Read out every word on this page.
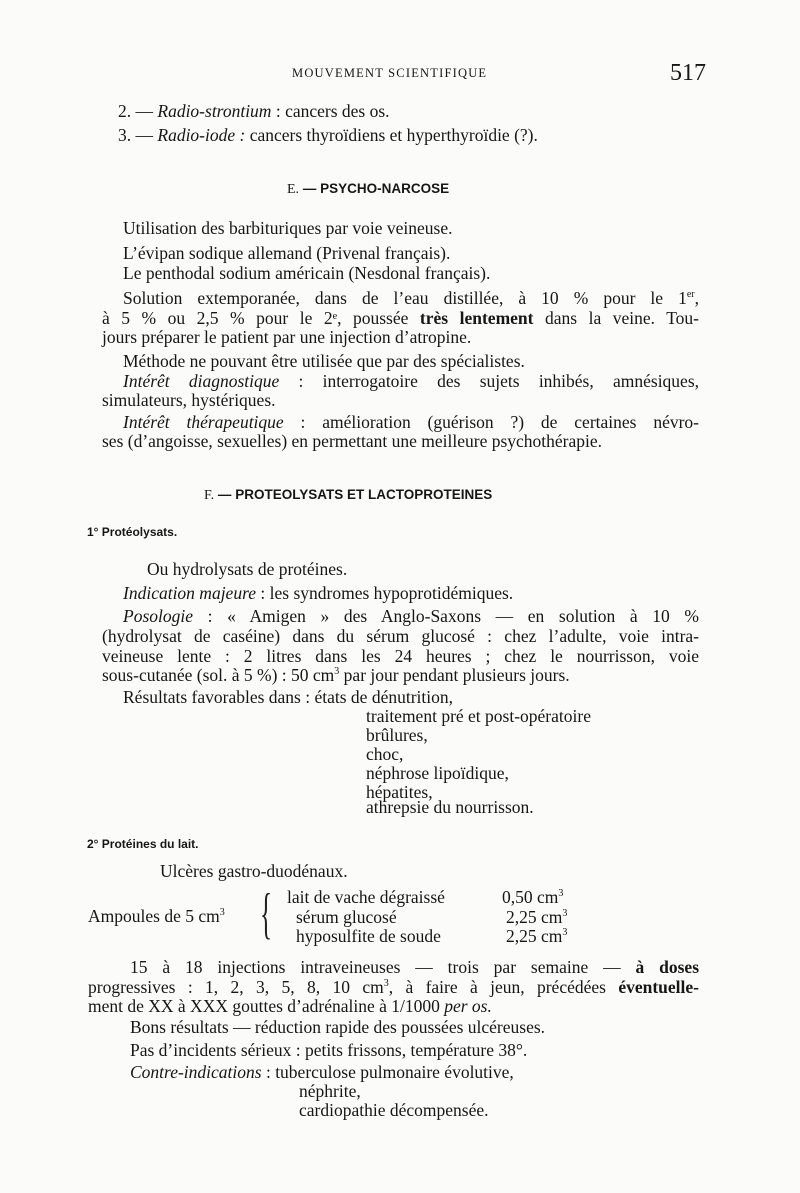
MOUVEMENT SCIENTIFIQUE	517
2. — Radio-strontium : cancers des os.
3. — Radio-iode : cancers thyroïdiens et hyperthyroïdie (?).
E. — PSYCHO-NARCOSE
Utilisation des barbituriques par voie veineuse.
L’évipan sodique allemand (Privenal français).
Le penthodal sodium américain (Nesdonal français).
Solution extemporanée, dans de l’eau distillée, à 10 % pour le 1er,
à 5 % ou 2,5 % pour le 2ᵉ, poussée très lentement dans la veine. Tou-
jours préparer le patient par une injection d’atropine.
Méthode ne pouvant être utilisée que par des spécialistes.
Intérêt diagnostique : interrogatoire des sujets inhibés, amnésiques,
simulateurs, hystériques.
Intérêt thérapeutique : amélioration (guérison ?) de certaines névro-
ses (d’angoisse, sexuelles) en permettant une meilleure psychothérapie.
F. — PROTEOLYSATS ET LACTOPROTEINES
1° Protéolysats.
Ou hydrolysats de protéines.
Indication majeure : les syndromes hypoprotidémiques.
Posologie : « Amigen » des Anglo-Saxons — en solution à 10 %
(hydrolysat de caséine) dans du sérum glucosé : chez l’adulte, voie intra-
veineuse lente : 2 litres dans les 24 heures ; chez le nourrisson, voie
sous-cutanée (sol. à 5 %) : 50 $cm^3$ par jour pendant plusieurs jours.
Résultats favorables dans : états de dénutrition,
traitement pré et post-opératoire
brûlures,
choc,
néphrose lipoïdique,
hépatites,
athrepsie du nourrisson.
2° Protéines du lait.
Ulcères gastro-duodénaux.
Ampoules de 5 $cm^3$ { lait de vache dégraissé	0,50 $cm^3$
sérum glucosé	2,25 $cm^3$
hyposulfite de soude	2,25 $cm^3$
15 à 18 injections intraveineuses — trois par semaine — à doses
progressives : 1, 2, 3, 5, 8, 10 $cm^3$, à faire à jeun, précédées éventuelle-
ment de XX à XXX gouttes d’adrénaline à 1/1000 per os.
Bons résultats — réduction rapide des poussées ulcéreuses.
Pas d’incidents sérieux : petits frissons, température 38°.
Contre-indications : tuberculose pulmonaire évolutive,
néphrite,
cardiopathie décompensée.
